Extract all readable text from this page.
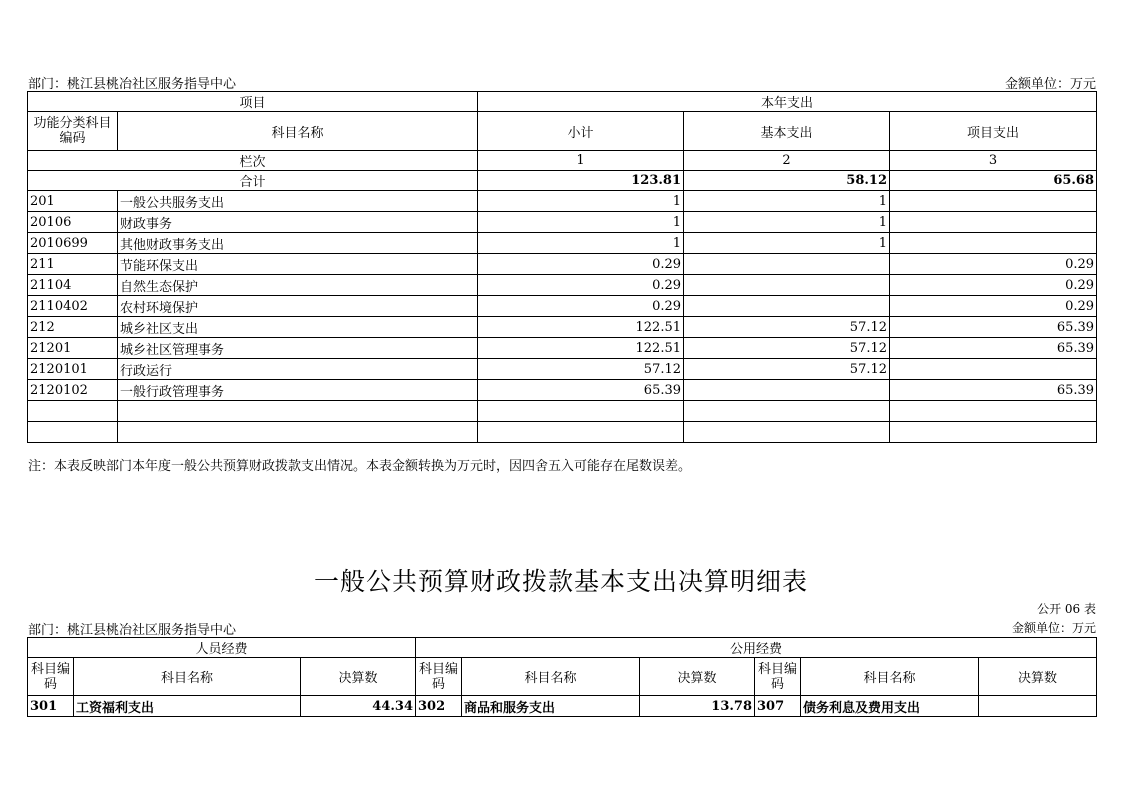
部门：桃江县桃冶社区服务指导中心	金额单位：万元
项目		本年支出		
功能分类科目编码	科目名称	小计	基本支出	项目支出
栏次		1	2	3
合计		123.81	58.12	65.68
201	一般公共服务支出	1	1	
20106	财政事务	1	1	
2010699	其他财政事务支出	1	1	
211	节能环保支出	0.29		0.29
21104	自然生态保护	0.29		0.29
2110402	农村环境保护	0.29		0.29
212	城乡社区支出	122.51	57.12	65.39
21201	城乡社区管理事务	122.51	57.12	65.39
2120101	行政运行	57.12	57.12	
2120102	一般行政管理事务	65.39		65.39

注：本表反映部门本年度一般公共预算财政拨款支出情况。本表金额转换为万元时，因四舍五入可能存在尾数误差。
一般公共预算财政拨款基本支出决算明细表
公开 06 表
部门：桃江县桃冶社区服务指导中心	金额单位：万元
人员经费			公用经费					
科目编码	科目名称	决算数	科目编码	科目名称	决算数	科目编码	科目名称	决算数
301	工资福利支出	44.34	302	商品和服务支出	13.78	307	债务利息及费用支出	
